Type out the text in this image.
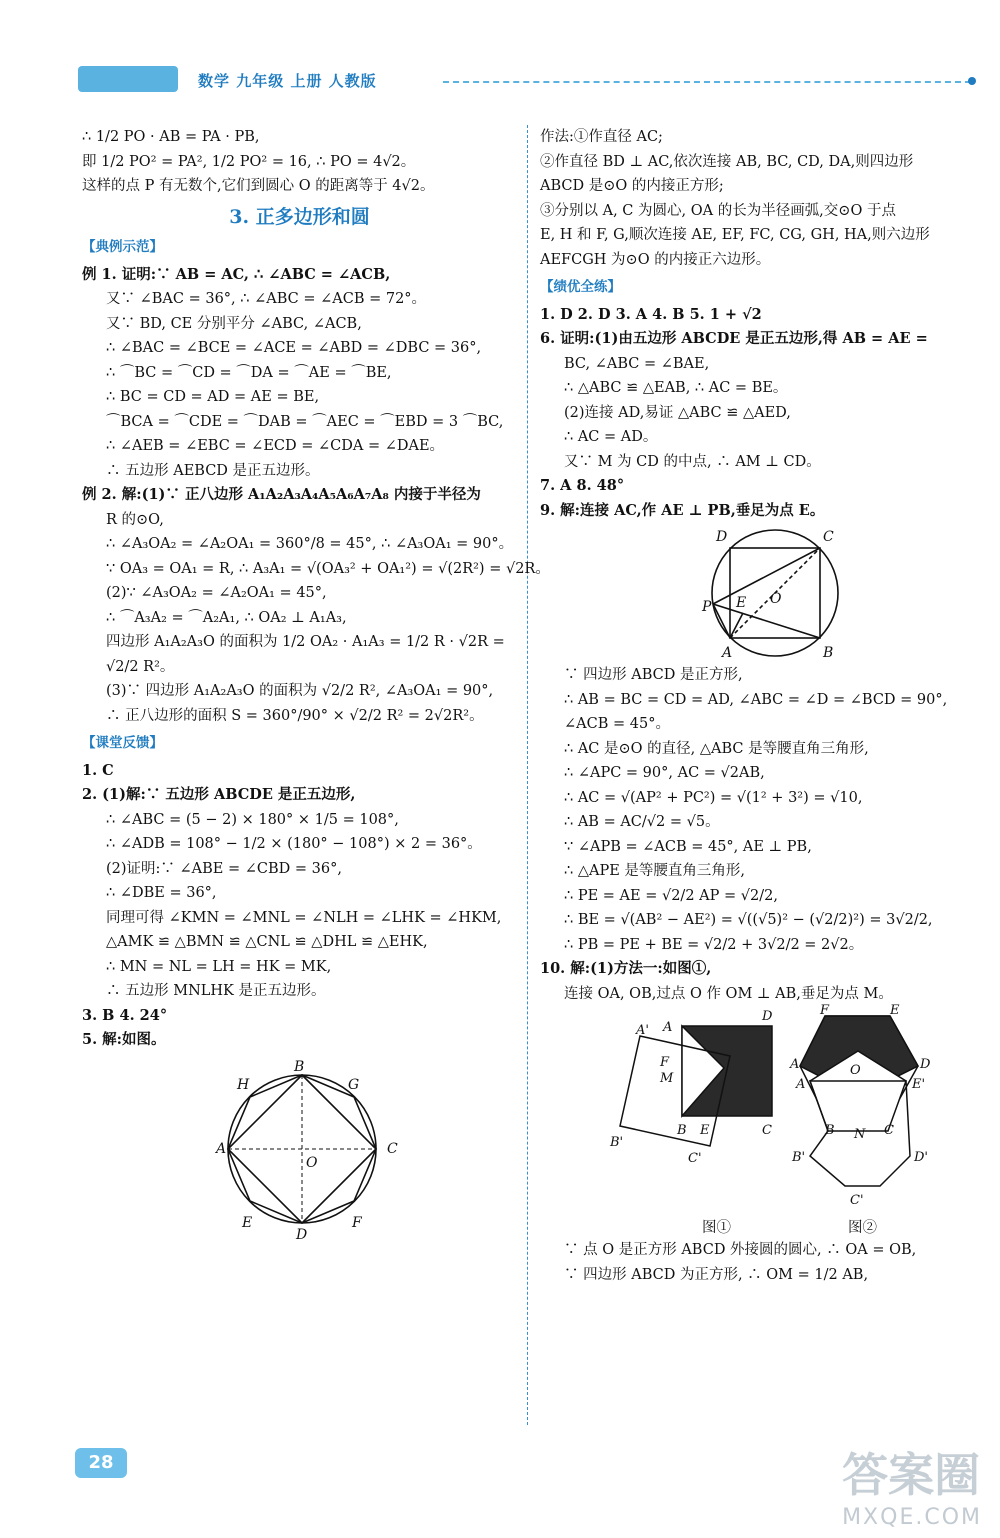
数学 九年级 上册 人教版
∴ 1/2 PO · AB = PA · PB,
即 1/2 PO² = PA², 1/2 PO² = 16, ∴ PO = 4√2。
这样的点 P 有无数个,它们到圆心 O 的距离等于 4√2。
3. 正多边形和圆
【典例示范】
例 1. 证明:∵ AB = AC, ∴ ∠ABC = ∠ACB,
又∵ ∠BAC = 36°, ∴ ∠ABC = ∠ACB = 72°。
又∵ BD, CE 分别平分 ∠ABC, ∠ACB,
∴ ∠BAC = ∠BCE = ∠ACE = ∠ABD = ∠DBC = 36°,
∴ ⌒BC = ⌒CD = ⌒DA = ⌒AE = ⌒BE,
∴ BC = CD = AD = AE = BE,
⌒BCA = ⌒CDE = ⌒DAB = ⌒AEC = ⌒EBD = 3 ⌒BC,
∴ ∠AEB = ∠EBC = ∠ECD = ∠CDA = ∠DAE。
∴ 五边形 AEBCD 是正五边形。
例 2. 解:(1)∵ 正八边形 A₁A₂A₃A₄A₅A₆A₇A₈ 内接于半径为
R 的⊙O,
∴ ∠A₃OA₂ = ∠A₂OA₁ = 360°/8 = 45°, ∴ ∠A₃OA₁ = 90°。
∵ OA₃ = OA₁ = R, ∴ A₃A₁ = √(OA₃² + OA₁²) = √(2R²) = √2R。
(2)∵ ∠A₃OA₂ = ∠A₂OA₁ = 45°,
∴ ⌒A₃A₂ = ⌒A₂A₁, ∴ OA₂ ⊥ A₁A₃,
四边形 A₁A₂A₃O 的面积为 1/2 OA₂ · A₁A₃ = 1/2 R · √2R =
√2/2 R²。
(3)∵ 四边形 A₁A₂A₃O 的面积为 √2/2 R², ∠A₃OA₁ = 90°,
∴ 正八边形的面积 S = 360°/90° × √2/2 R² = 2√2R²。
【课堂反馈】
1. C
2. (1)解:∵ 五边形 ABCDE 是正五边形,
∴ ∠ABC = (5 − 2) × 180° × 1/5 = 108°,
∴ ∠ADB = 108° − 1/2 × (180° − 108°) × 2 = 36°。
(2)证明:∵ ∠ABE = ∠CBD = 36°,
∴ ∠DBE = 36°,
同理可得 ∠KMN = ∠MNL = ∠NLH = ∠LHK = ∠HKM,
△AMK ≌ △BMN ≌ △CNL ≌ △DHL ≌ △EHK,
∴ MN = NL = LH = HK = MK,
∴ 五边形 MNLHK 是正五边形。
3. B 4. 24°
5. 解:如图。
B
G
C
H
A
O
E
D
F
作法:①作直径 AC;
②作直径 BD ⊥ AC,依次连接 AB, BC, CD, DA,则四边形
ABCD 是⊙O 的内接正方形;
③分别以 A, C 为圆心, OA 的长为半径画弧,交⊙O 于点
E, H 和 F, G,顺次连接 AE, EF, FC, CG, GH, HA,则六边形
AEFCGH 为⊙O 的内接正六边形。
【绩优全练】
1. D 2. D 3. A 4. B 5. 1 + √2
6. 证明:(1)由五边形 ABCDE 是正五边形,得 AB = AE =
BC, ∠ABC = ∠BAE,
∴ △ABC ≌ △EAB, ∴ AC = BE。
(2)连接 AD,易证 △ABC ≌ △AED,
∴ AC = AD。
又∵ M 为 CD 的中点, ∴ AM ⊥ CD。
7. A 8. 48°
9. 解:连接 AC,作 AE ⊥ PB,垂足为点 E。
D	C
P E O
A	B
∵ 四边形 ABCD 是正方形,
∴ AB = BC = CD = AD, ∠ABC = ∠D = ∠BCD = 90°,
∠ACB = 45°。
∴ AC 是⊙O 的直径, △ABC 是等腰直角三角形,
∴ ∠APC = 90°, AC = √2AB,
∴ AC = √(AP² + PC²) = √(1² + 3²) = √10,
∴ AB = AC/√2 = √5。
∵ ∠APB = ∠ACB = 45°, AE ⊥ PB,
∴ △APE 是等腰直角三角形,
∴ PE = AE = √2/2 AP = √2/2,
∴ BE = √(AB² − AE²) = √((√5)² − (√2/2)²) = 3√2/2,
∴ PB = PE + BE = √2/2 + 3√2/2 = 2√2。
10. 解:(1)方法一:如图①,
连接 OA, OB,过点 O 作 OM ⊥ AB,垂足为点 M。
A
A'
D
F
M
B E	C
B'
C'
F	E
A	D
A	E'
O
B N C
B'	D'
C'
图①	图②
∵ 点 O 是正方形 ABCD 外接圆的圆心, ∴ OA = OB,
∵ 四边形 ABCD 为正方形, ∴ OM = 1/2 AB,
28	答案圈
MXQE.COM
